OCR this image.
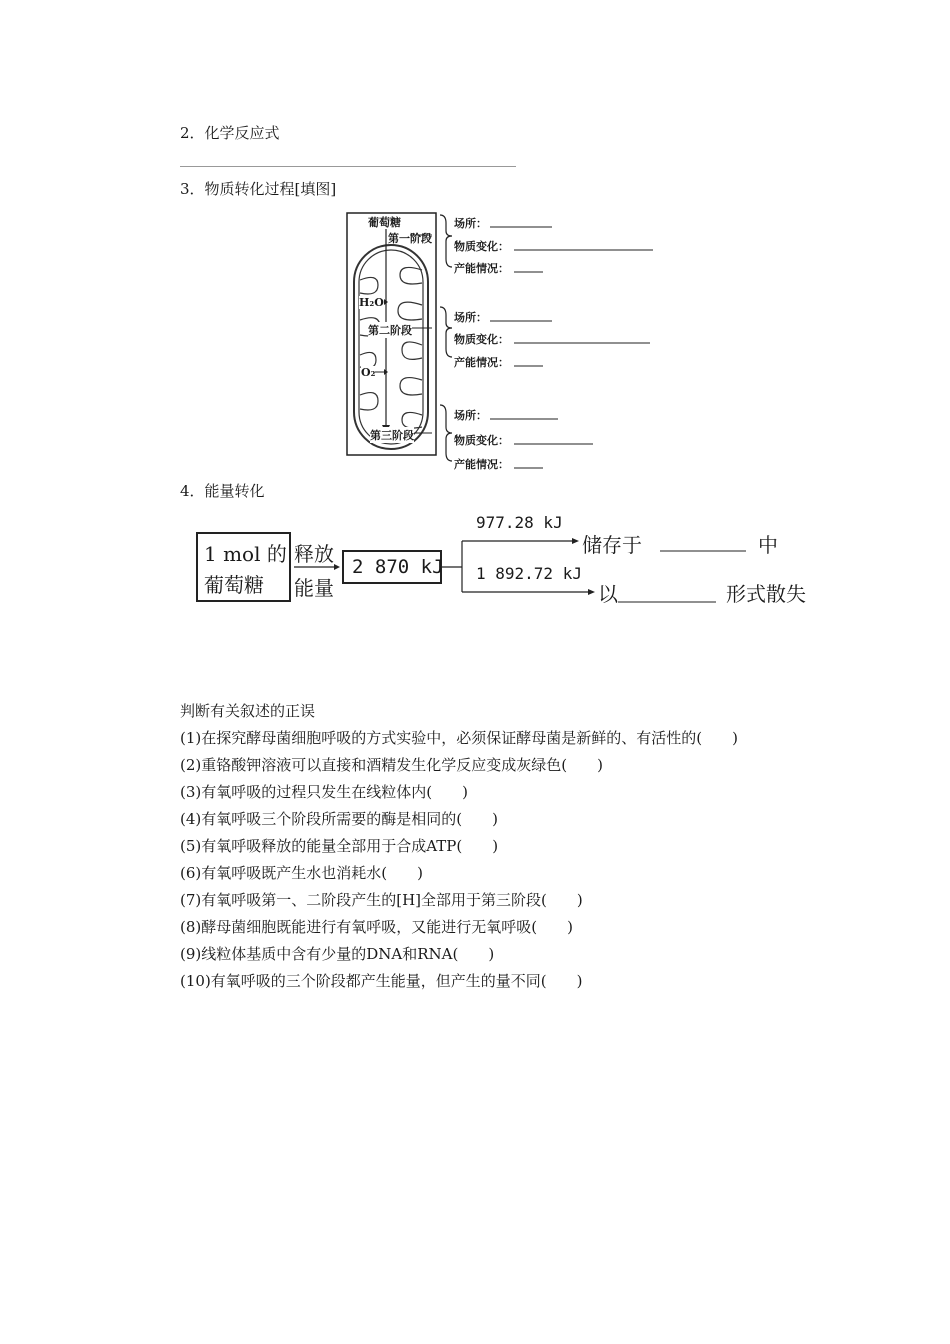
2．化学反应式
3．物质转化过程[填图]
葡萄糖
第一阶段
H₂O
第二阶段
O₂
第三阶段
场所：
物质变化：
产能情况：
场所：
物质变化：
产能情况：
场所：
物质变化：
产能情况：
4．能量转化
1 mol 的
葡萄糖
释放
能量
2 870 kJ
977.28 kJ
储存于	中
1 892.72 kJ
以	形式散失
判断有关叙述的正误
(1)在探究酵母菌细胞呼吸的方式实验中，必须保证酵母菌是新鲜的、有活性的(　　)
(2)重铬酸钾溶液可以直接和酒精发生化学反应变成灰绿色(　　)
(3)有氧呼吸的过程只发生在线粒体内(　　)
(4)有氧呼吸三个阶段所需要的酶是相同的(　　)
(5)有氧呼吸释放的能量全部用于合成ATP(　　)
(6)有氧呼吸既产生水也消耗水(　　)
(7)有氧呼吸第一、二阶段产生的[H]全部用于第三阶段(　　)
(8)酵母菌细胞既能进行有氧呼吸，又能进行无氧呼吸(　　)
(9)线粒体基质中含有少量的DNA和RNA(　　)
(10)有氧呼吸的三个阶段都产生能量，但产生的量不同(　　)
